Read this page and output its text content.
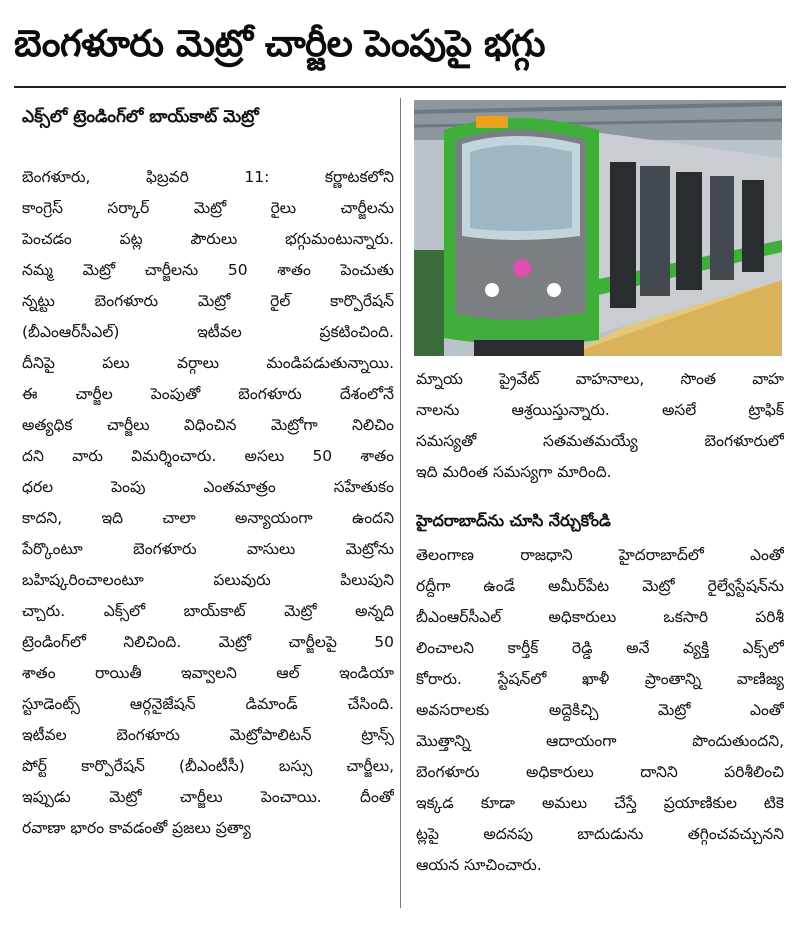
బెంగళూరు మెట్రో చార్జీల పెంపుపై భగ్గు
ఎక్స్‌లో ట్రెండింగ్‌లో బాయ్‌కాట్ మెట్రో

బెంగళూరు, ఫిబ్రవరి 11: కర్ణాటకలోని

కాంగ్రెస్ సర్కార్ మెట్రో రైలు చార్జీలను

పెంచడం పట్ల పౌరులు భగ్గుమంటున్నారు.

నమ్మ మెట్రో చార్జీలను 50 శాతం పెంచుతు

న్నట్టు బెంగళూరు మెట్రో రైల్ కార్పొరేషన్

(బీఎంఆర్‌సీఎల్) ఇటీవల ప్రకటించింది.

దీనిపై పలు వర్గాలు మండిపడుతున్నాయి.

ఈ చార్జీల పెంపుతో బెంగళూరు దేశంలోనే

అత్యధిక చార్జీలు విధించిన మెట్రోగా నిలిచిం

దని వారు విమర్శించారు. అసలు 50 శాతం

ధరల పెంపు ఎంతమాత్రం సహేతుకం

కాదని, ఇది చాలా అన్యాయంగా ఉందని

పేర్కొంటూ బెంగళూరు వాసులు మెట్రోను

బహిష్కరించాలంటూ పలువురు పిలుపుని

చ్చారు. ఎక్స్‌లో బాయ్‌కాట్ మెట్రో అన్నది

ట్రెండింగ్‌లో నిలిచింది. మెట్రో చార్జీలపై 50

శాతం రాయితీ ఇవ్వాలని ఆల్ ఇండియా

స్టూడెంట్స్ ఆర్గనైజేషన్ డిమాండ్ చేసింది.

ఇటీవల బెంగళూరు మెట్రోపాలిటన్ ట్రాన్స్

పోర్ట్ కార్పొరేషన్ (బీఎంటీసీ) బస్సు చార్జీలు,

ఇప్పుడు మెట్రో చార్జీలు పెంచాయి. దీంతో

రవాణా భారం కావడంతో ప్రజలు ప్రత్యా

మ్నాయ ప్రైవేట్ వాహనాలు, సొంత వాహ

నాలను ఆశ్రయిస్తున్నారు. అసలే ట్రాఫిక్

సమస్యతో సతమతమయ్యే బెంగళూరులో

ఇది మరింత సమస్యగా మారింది.

హైదరాబాద్‌ను చూసి నేర్చుకోండి

తెలంగాణ రాజధాని హైదరాబాద్‌లో ఎంతో

రద్దీగా ఉండే అమీర్‌పేట మెట్రో రైల్వేస్టేషన్‌ను

బీఎంఆర్‌సీఎల్ అధికారులు ఒకసారి పరిశీ

లించాలని కార్తీక్ రెడ్డి అనే వ్యక్తి ఎక్స్‌లో

కోరారు. స్టేషన్‌లో ఖాళీ ప్రాంతాన్ని వాణిజ్య

అవసరాలకు అద్దెకిచ్చి మెట్రో ఎంతో

మొత్తాన్ని ఆదాయంగా పొందుతుందని,

బెంగళూరు అధికారులు దానిని పరిశీలించి

ఇక్కడ కూడా అమలు చేస్తే ప్రయాణికుల టికె

ట్లపై అదనపు బాదుడును తగ్గించవచ్చునని

ఆయన సూచించారు.
